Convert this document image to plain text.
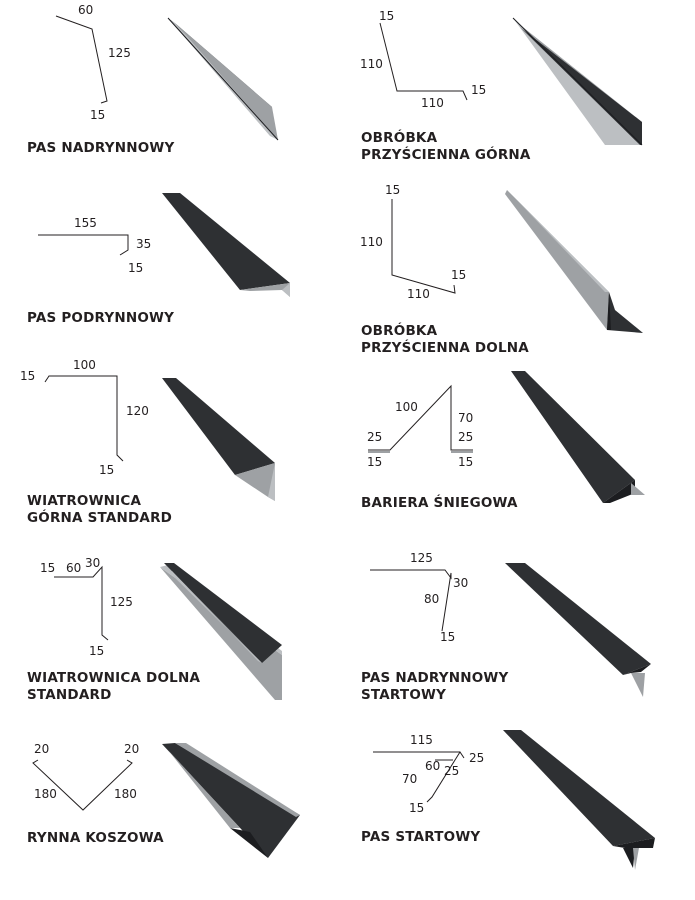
60
125
15
PAS NADRYNNOWY
15
110
110
15
OBRÓBKA
PRZYŚCIENNA GÓRNA
155
35
15
PAS PODRYNNOWY
15
110
110
15
OBRÓBKA
PRZYŚCIENNA DOLNA
100
15
120
15
WIATROWNICA
GÓRNA STANDARD
100
70
25	25
15	15
BARIERA ŚNIEGOWA
15 60 30
125
15
WIATROWNICA DOLNA
STANDARD
125
30
80
15
PAS NADRYNNOWY
STARTOWY
20	20
180	180
RYNNA KOSZOWA
115
25
60 25
70
15
PAS STARTOWY
